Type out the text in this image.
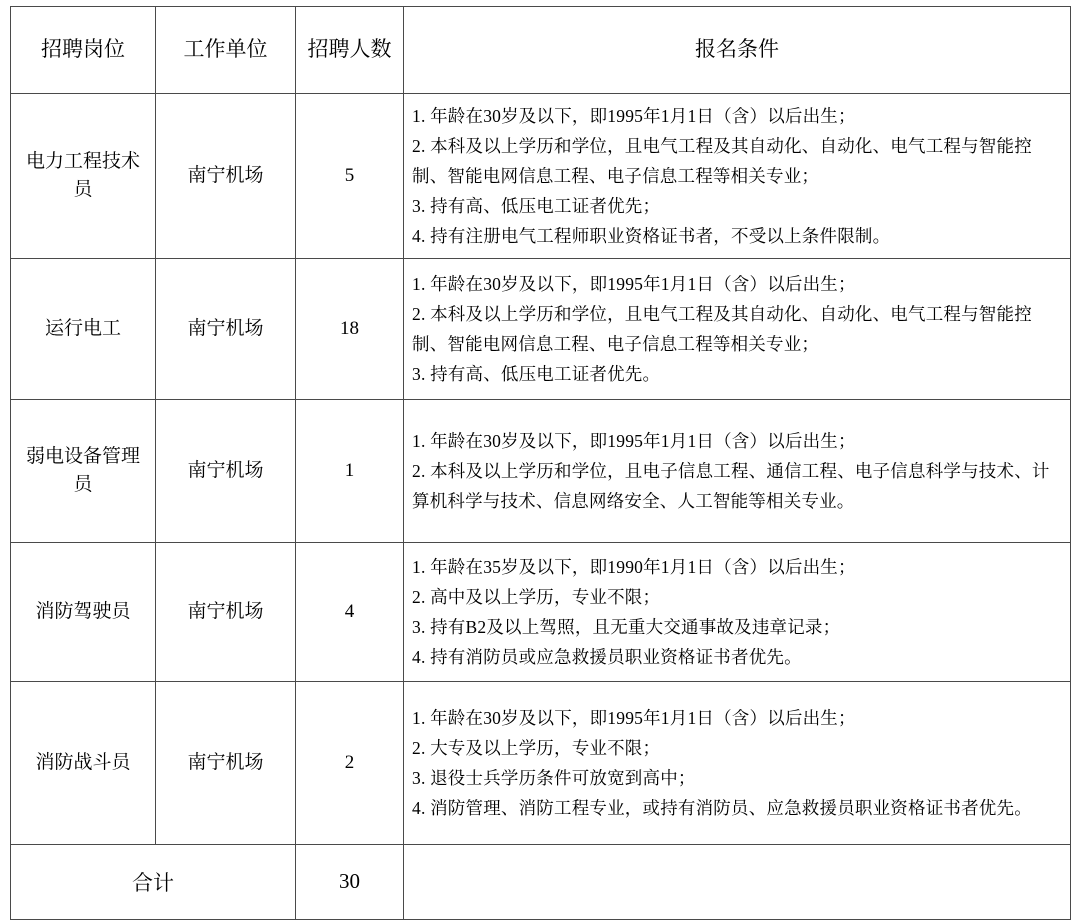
招聘岗位	工作单位	招聘人数	报名条件
电力工程技术员	南宁机场	5	1. 年龄在30岁及以下，即1995年1月1日（含）以后出生；
2. 本科及以上学历和学位，且电气工程及其自动化、自动化、电气工程与智能控制、智能电网信息工程、电子信息工程等相关专业；
3. 持有高、低压电工证者优先；
4. 持有注册电气工程师职业资格证书者，不受以上条件限制。

运行电工	南宁机场	18	1. 年龄在30岁及以下，即1995年1月1日（含）以后出生；
2. 本科及以上学历和学位，且电气工程及其自动化、自动化、电气工程与智能控制、智能电网信息工程、电子信息工程等相关专业；
3. 持有高、低压电工证者优先。

弱电设备管理员	南宁机场	1	1. 年龄在30岁及以下，即1995年1月1日（含）以后出生；
2. 本科及以上学历和学位，且电子信息工程、通信工程、电子信息科学与技术、计算机科学与技术、信息网络安全、人工智能等相关专业。

消防驾驶员	南宁机场	4	1. 年龄在35岁及以下，即1990年1月1日（含）以后出生；
2. 高中及以上学历，专业不限；
3. 持有B2及以上驾照，且无重大交通事故及违章记录；
4. 持有消防员或应急救援员职业资格证书者优先。

消防战斗员	南宁机场	2	1. 年龄在30岁及以下，即1995年1月1日（含）以后出生；
2. 大专及以上学历，专业不限；
3. 退役士兵学历条件可放宽到高中；
4. 消防管理、消防工程专业，或持有消防员、应急救援员职业资格证书者优先。

合计		30	
